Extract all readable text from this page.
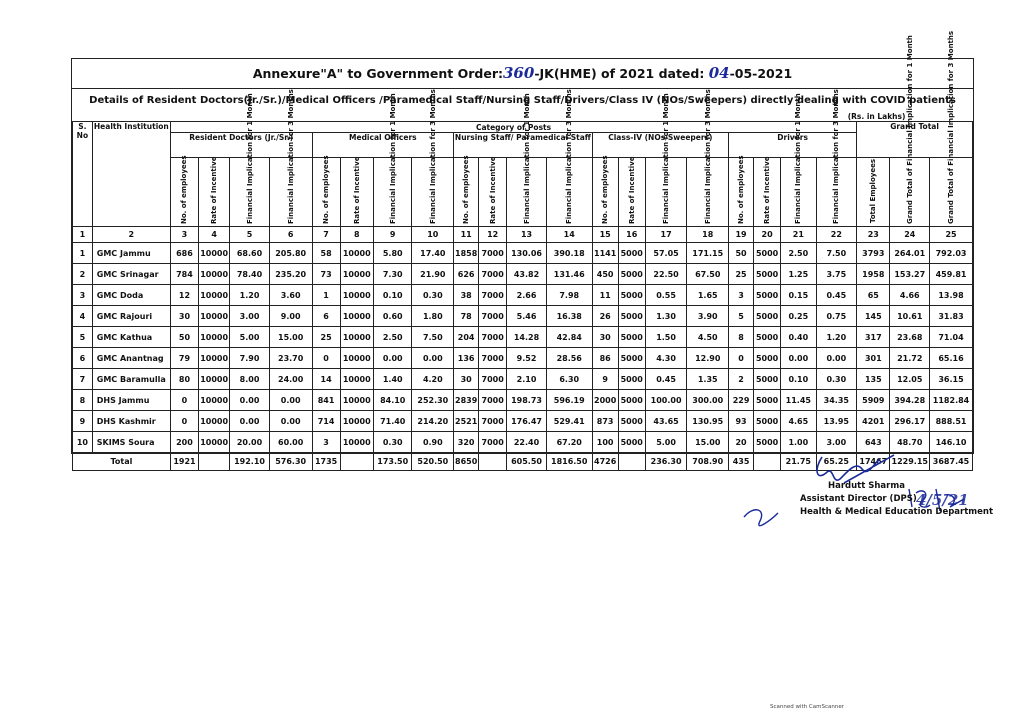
Annexure"A" to Government Order:360-JK(HME) of 2021 dated: 04-05-2021
Details of Resident Doctors(Jr./Sr.)/Medical Officers /Paramedical Staff/Nursing Staff/Drivers/Class IV (NOs/Sweepers) directly dealing with COVID patients
																				(Rs. in Lakhs)				
S. No	Health Institution	Category of Posts																				Grand Total		
		Resident Doctors (Jr./Sr.)				Medical Officers				Nursing Staff/ Paramedical Staff				Class-IV (NOs/Sweepers)				Drivers						
		No. of employees	Rate of Incentive	Financial Implication for 1 Month	Financial Implication for 3 Months	No. of employees	Rate of Incentive	Financial Implication for 1 Month	Financial Implication for 3 Months	No. of employees	Rate of Incentive	Financial Implication for 1 Month	Financial Implication for 3 Months	No. of employees	Rate of Incentive	Financial Implication for 1 Month	Financial Implication for 3 Months	No. of employees	Rate of Incentive	Financial Implication for 1 Month	Financial Implication for 3 Months	Total Employees	Grand Total of Financial Implication for 1 Month	Grand Total of Financial Implication for 3 Months
1	2	3	4	5	6	7	8	9	10	11	12	13	14	15	16	17	18	19	20	21	22	23	24	25
1	GMC Jammu	686	10000	68.60	205.80	58	10000	5.80	17.40	1858	7000	130.06	390.18	1141	5000	57.05	171.15	50	5000	2.50	7.50	3793	264.01	792.03
2	GMC Srinagar	784	10000	78.40	235.20	73	10000	7.30	21.90	626	7000	43.82	131.46	450	5000	22.50	67.50	25	5000	1.25	3.75	1958	153.27	459.81
3	GMC Doda	12	10000	1.20	3.60	1	10000	0.10	0.30	38	7000	2.66	7.98	11	5000	0.55	1.65	3	5000	0.15	0.45	65	4.66	13.98
4	GMC Rajouri	30	10000	3.00	9.00	6	10000	0.60	1.80	78	7000	5.46	16.38	26	5000	1.30	3.90	5	5000	0.25	0.75	145	10.61	31.83
5	GMC Kathua	50	10000	5.00	15.00	25	10000	2.50	7.50	204	7000	14.28	42.84	30	5000	1.50	4.50	8	5000	0.40	1.20	317	23.68	71.04
6	GMC Anantnag	79	10000	7.90	23.70	0	10000	0.00	0.00	136	7000	9.52	28.56	86	5000	4.30	12.90	0	5000	0.00	0.00	301	21.72	65.16
7	GMC Baramulla	80	10000	8.00	24.00	14	10000	1.40	4.20	30	7000	2.10	6.30	9	5000	0.45	1.35	2	5000	0.10	0.30	135	12.05	36.15
8	DHS Jammu	0	10000	0.00	0.00	841	10000	84.10	252.30	2839	7000	198.73	596.19	2000	5000	100.00	300.00	229	5000	11.45	34.35	5909	394.28	1182.84
9	DHS Kashmir	0	10000	0.00	0.00	714	10000	71.40	214.20	2521	7000	176.47	529.41	873	5000	43.65	130.95	93	5000	4.65	13.95	4201	296.17	888.51
10	SKIMS Soura	200	10000	20.00	60.00	3	10000	0.30	0.90	320	7000	22.40	67.20	100	5000	5.00	15.00	20	5000	1.00	3.00	643	48.70	146.10
Total		1921		192.10	576.30	1735		173.50	520.50	8650		605.50	1816.50	4726		236.30	708.90	435		21.75	65.25	17467	1229.15	3687.45
Hardutt Sharma
Assistant Director (DPS)
Health & Medical Education Department
4/5/21
Scanned with CamScanner
